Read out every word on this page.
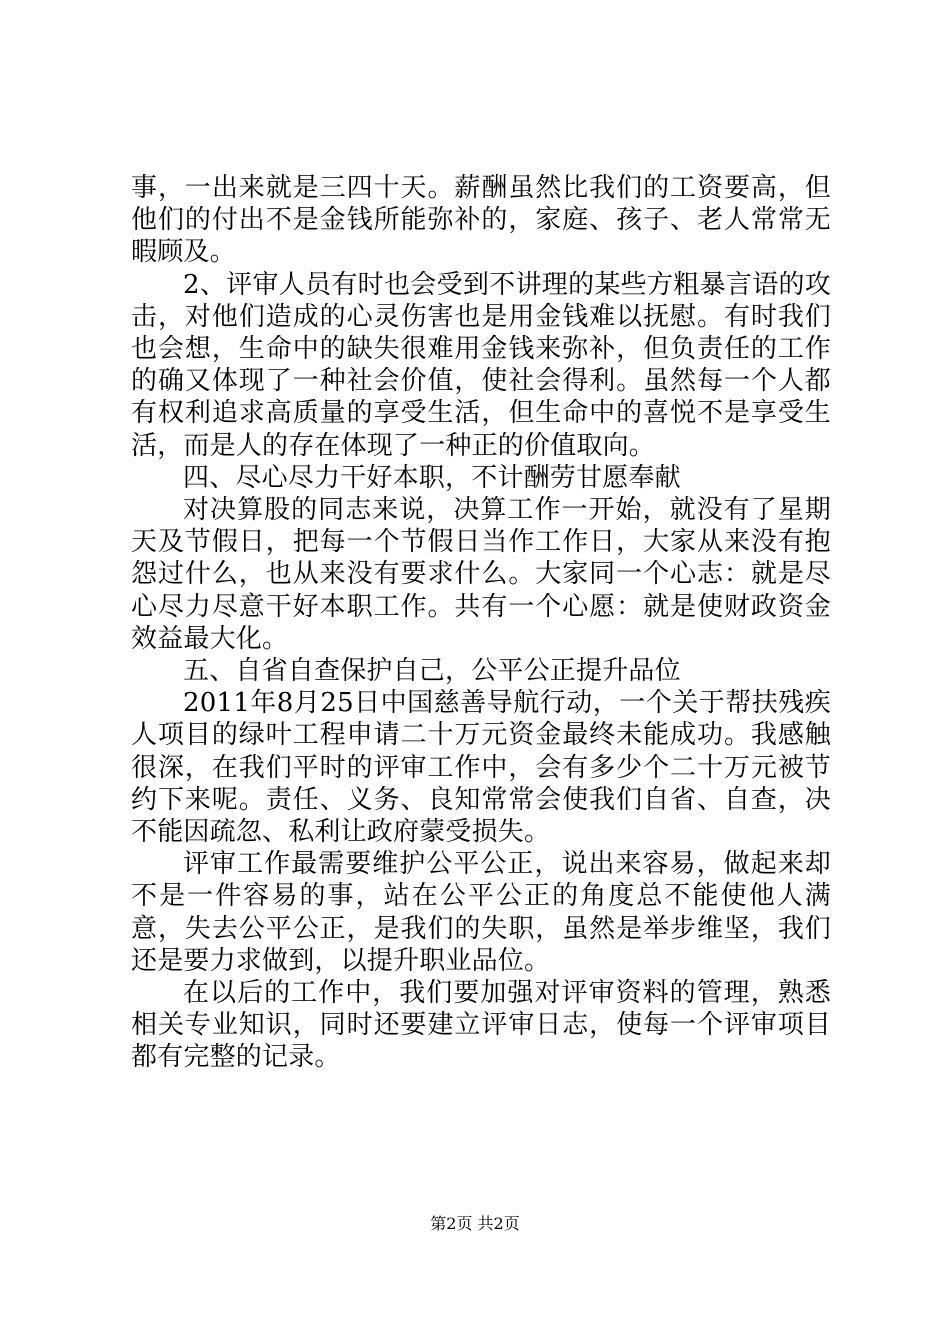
事，一出来就是三四十天。薪酬虽然比我们的工资要高，但他们的付出不是金钱所能弥补的，家庭、孩子、老人常常无暇顾及。

2、评审人员有时也会受到不讲理的某些方粗暴言语的攻击，对他们造成的心灵伤害也是用金钱难以抚慰。有时我们也会想，生命中的缺失很难用金钱来弥补，但负责任的工作的确又体现了一种社会价值，使社会得利。虽然每一个人都有权利追求高质量的享受生活，但生命中的喜悦不是享受生活，而是人的存在体现了一种正的价值取向。

四、尽心尽力干好本职，不计酬劳甘愿奉献

对决算股的同志来说，决算工作一开始，就没有了星期天及节假日，把每一个节假日当作工作日，大家从来没有抱怨过什么，也从来没有要求什么。大家同一个心志：就是尽心尽力尽意干好本职工作。共有一个心愿：就是使财政资金效益最大化。

五、自省自查保护自己，公平公正提升品位

2011年8月25日中国慈善导航行动，一个关于帮扶残疾人项目的绿叶工程申请二十万元资金最终未能成功。我感触很深，在我们平时的评审工作中，会有多少个二十万元被节约下来呢。责任、义务、良知常常会使我们自省、自查，决不能因疏忽、私利让政府蒙受损失。

评审工作最需要维护公平公正，说出来容易，做起来却不是一件容易的事，站在公平公正的角度总不能使他人满意，失去公平公正，是我们的失职，虽然是举步维坚，我们还是要力求做到，以提升职业品位。

在以后的工作中，我们要加强对评审资料的管理，熟悉相关专业知识，同时还要建立评审日志，使每一个评审项目都有完整的记录。

第2页 共2页
